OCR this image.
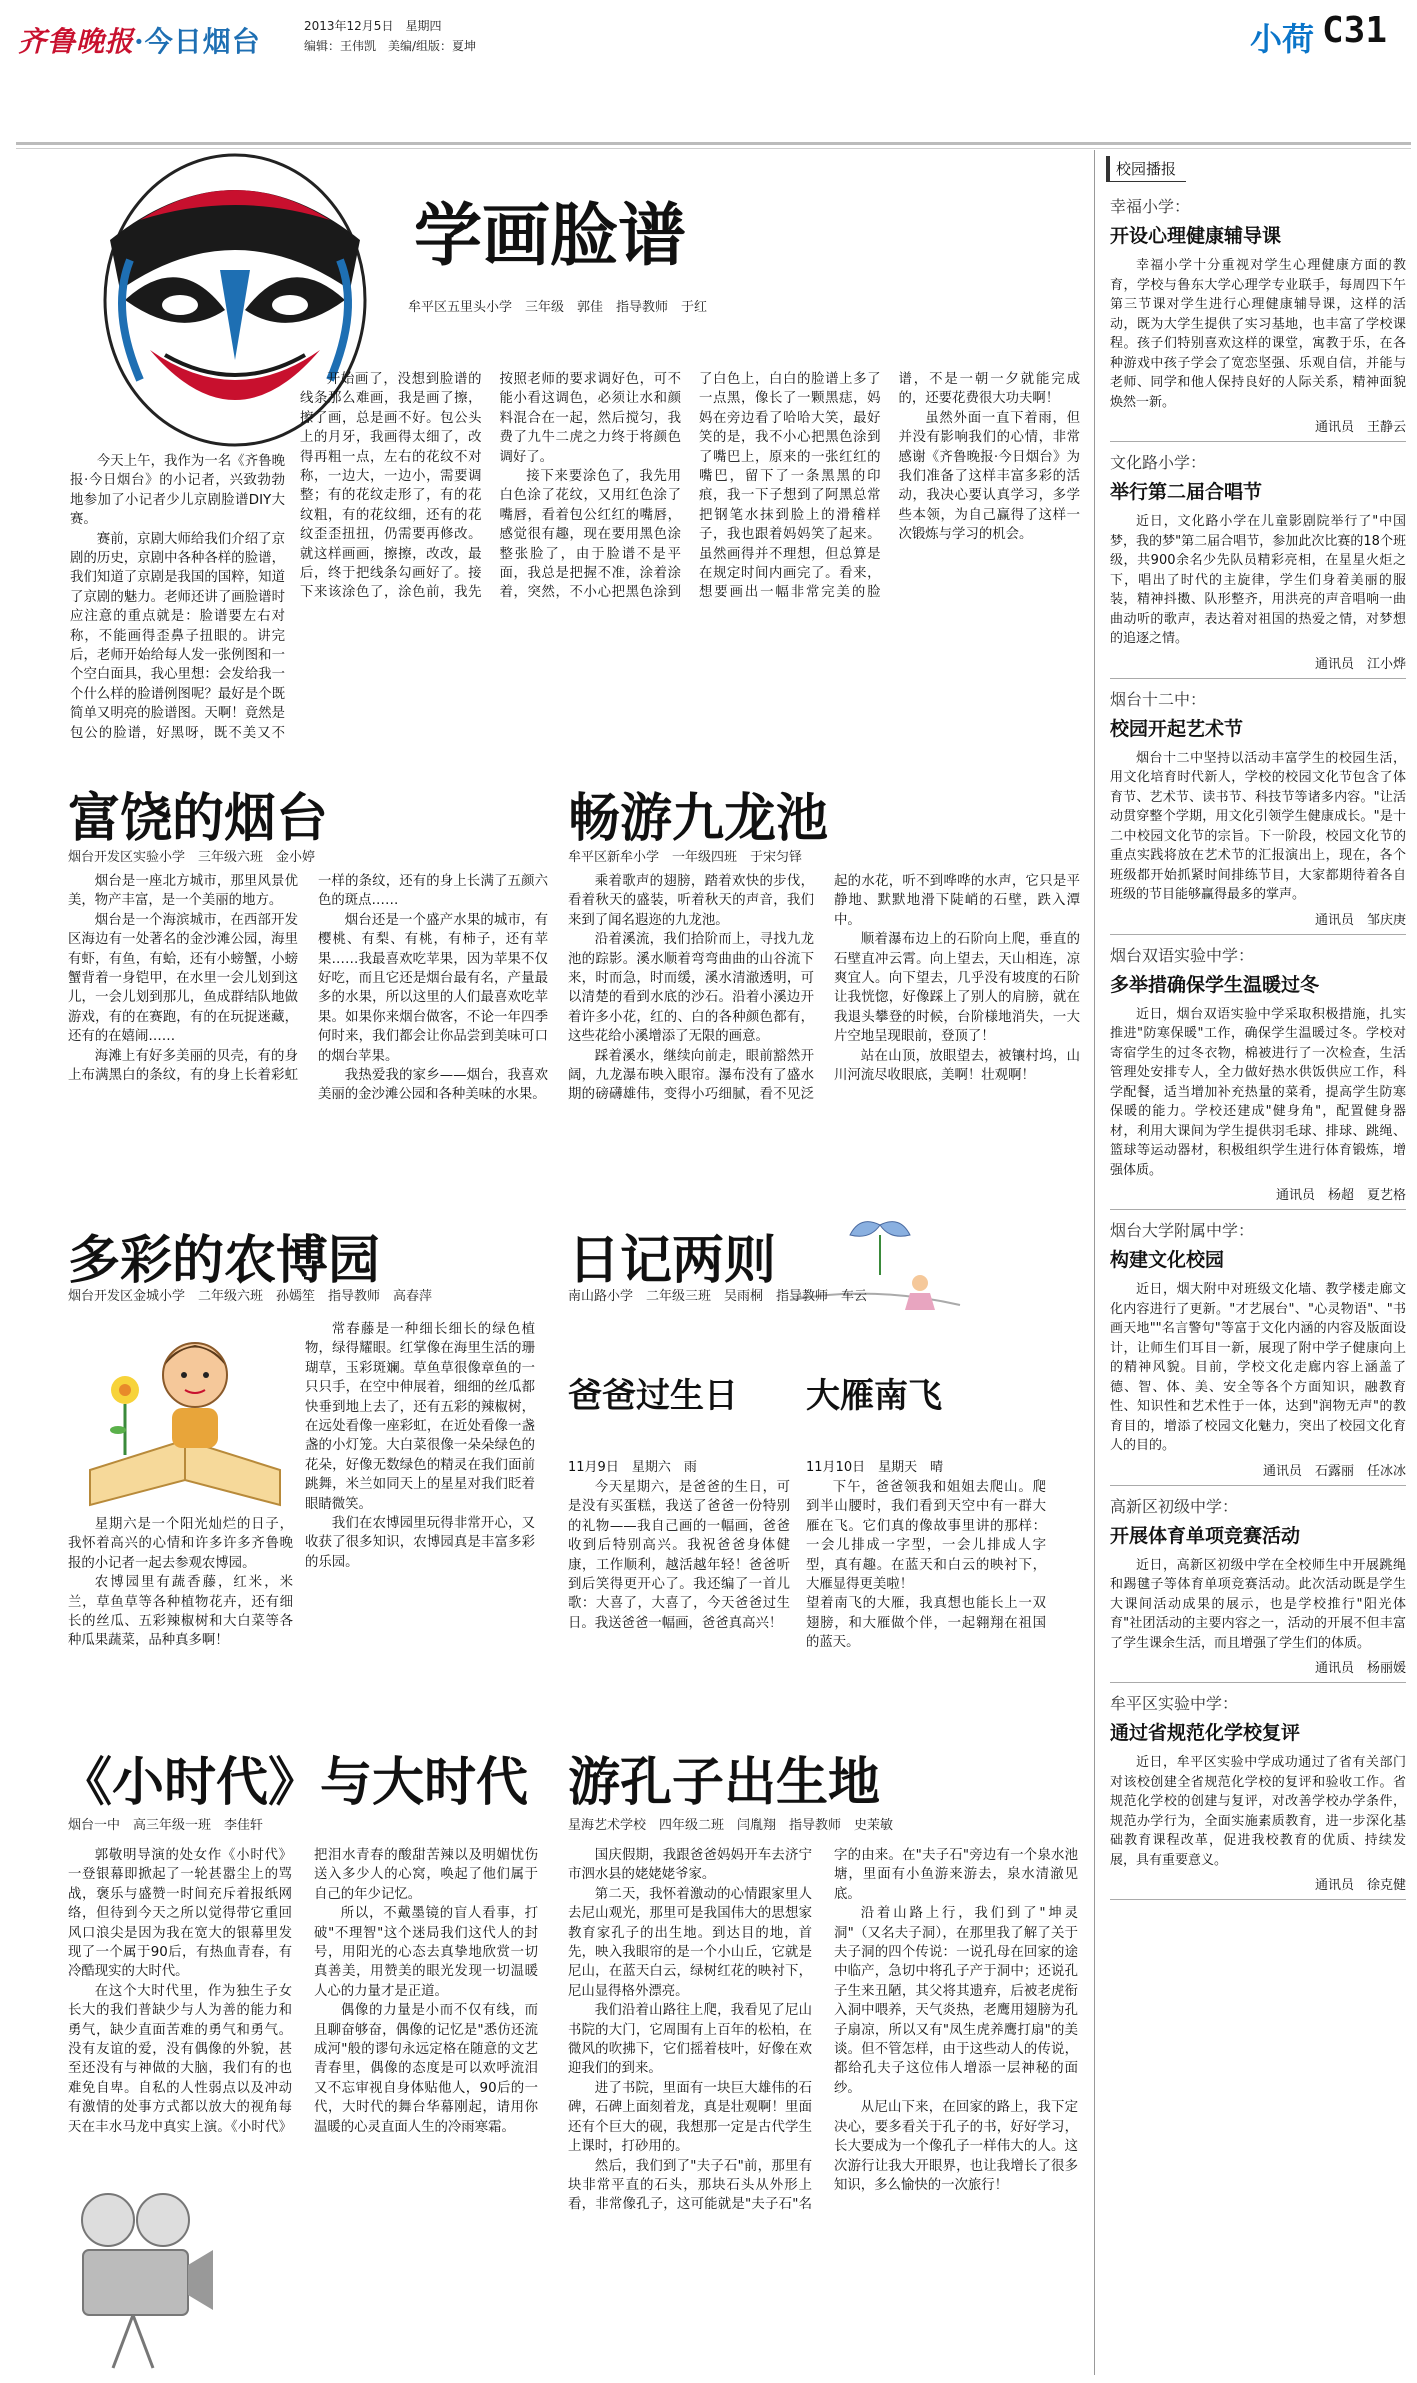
齐鲁晚报·今日烟台	2013年12月5日　星期四
编辑：王伟凯　美编/组版：夏坤	小荷 C31
学画脸谱
牟平区五里头小学　三年级　郭佳　指导教师　于红

今天上午，我作为一名《齐鲁晚报·今日烟台》的小记者，兴致勃勃地参加了小记者少儿京剧脸谱DIY大赛。

赛前，京剧大师给我们介绍了京剧的历史，京剧中各种各样的脸谱，我们知道了京剧是我国的国粹，知道了京剧的魅力。老师还讲了画脸谱时应注意的重点就是：脸谱要左右对称，不能画得歪鼻子扭眼的。讲完后，老师开始给每人发一张例图和一个空白面具，我心里想：会发给我一个什么样的脸谱例图呢？最好是个既简单又明亮的脸谱图。天啊！竟然是包公的脸谱，好黑呀，既不美又不

开始画了，没想到脸谱的线条那么难画，我是画了擦，擦了画，总是画不好。包公头上的月牙，我画得太细了，改得再粗一点，左右的花纹不对称，一边大，一边小，需要调整；有的花纹走形了，有的花纹粗，有的花纹细，还有的花纹歪歪扭扭，仍需要再修改。就这样画画，擦擦，改改，最后，终于把线条勾画好了。接下来该涂色了，涂色前，我先按照老师的要求调好色，可不能小看这调色，必须让水和颜料混合在一起，然后搅匀，我费了九牛二虎之力终于将颜色调好了。

接下来要涂色了，我先用白色涂了花纹，又用红色涂了嘴唇，看着包公红红的嘴唇，感觉很有趣，现在要用黑色涂整张脸了，由于脸谱不是平面，我总是把握不准，涂着涂着，突然，不小心把黑色涂到了白色上，白白的脸谱上多了一点黑，像长了一颗黑痣，妈妈在旁边看了哈哈大笑，最好笑的是，我不小心把黑色涂到了嘴巴上，原来的一张红红的嘴巴，留下了一条黑黑的印痕，我一下子想到了阿黑总常把钢笔水抹到脸上的滑稽样子，我也跟着妈妈笑了起来。虽然画得并不理想，但总算是在规定时间内画完了。看来，想要画出一幅非常完美的脸谱，不是一朝一夕就能完成的，还要花费很大功夫啊！

虽然外面一直下着雨，但并没有影响我们的心情，非常感谢《齐鲁晚报·今日烟台》为我们准备了这样丰富多彩的活动，我决心要认真学习，多学些本领，为自己赢得了这样一次锻炼与学习的机会。

富饶的烟台
烟台开发区实验小学　三年级六班　金小婷

烟台是一座北方城市，那里风景优美，物产丰富，是一个美丽的地方。

烟台是一个海滨城市，在西部开发区海边有一处著名的金沙滩公园，海里有虾，有鱼，有蛤，还有小螃蟹，小螃蟹背着一身铠甲，在水里一会儿划到这儿，一会儿划到那儿，鱼成群结队地做游戏，有的在赛跑，有的在玩捉迷藏，还有的在嬉闹……

海滩上有好多美丽的贝壳，有的身上布满黑白的条纹，有的身上长着彩虹一样的条纹，还有的身上长满了五颜六色的斑点……

烟台还是一个盛产水果的城市，有樱桃、有梨、有桃，有柿子，还有苹果……我最喜欢吃苹果，因为苹果不仅好吃，而且它还是烟台最有名，产量最多的水果，所以这里的人们最喜欢吃苹果。如果你来烟台做客，不论一年四季何时来，我们都会让你品尝到美味可口的烟台苹果。

我热爱我的家乡——烟台，我喜欢美丽的金沙滩公园和各种美味的水果。

畅游九龙池
牟平区新牟小学　一年级四班　于宋匀铎

乘着歌声的翅膀，踏着欢快的步伐，看着秋天的盛装，听着秋天的声音，我们来到了闻名遐迩的九龙池。

沿着溪流，我们拾阶而上，寻找九龙池的踪影。溪水顺着弯弯曲曲的山谷流下来，时而急，时而缓，溪水清澈透明，可以清楚的看到水底的沙石。沿着小溪边开着许多小花，红的、白的各种颜色都有，这些花给小溪增添了无限的画意。

踩着溪水，继续向前走，眼前豁然开阔，九龙瀑布映入眼帘。瀑布没有了盛水期的磅礴雄伟，变得小巧细腻，看不见泛起的水花，听不到哗哗的水声，它只是平静地、默默地滑下陡峭的石壁，跌入潭中。

顺着瀑布边上的石阶向上爬，垂直的石壁直冲云霄。向上望去，天山相连，凉爽宜人。向下望去，几乎没有坡度的石阶让我恍惚，好像踩上了别人的肩膀，就在我退头攀登的时候，台阶様地消失，一大片空地呈现眼前，登顶了！

站在山顶，放眼望去，被镶村坞，山川河流尽收眼底，美啊！壮观啊！

多彩的农博园
烟台开发区金城小学　二年级六班　孙嫣笙　指导教师　高春萍

星期六是一个阳光灿烂的日子，我怀着高兴的心情和许多许多齐鲁晚报的小记者一起去参观农博园。

农博园里有蔬香藤，红米，米兰，草鱼草等各种植物花卉，还有细长的丝瓜、五彩辣椒树和大白菜等各种瓜果蔬菜，品种真多啊！

常春藤是一种细长细长的绿色植物，绿得耀眼。红掌像在海里生活的珊瑚草，玉彩斑斓。草鱼草很像章鱼的一只只手，在空中伸展着，细细的丝瓜都快垂到地上去了，还有五彩的辣椒树，在远处看像一座彩虹，在近处看像一盏盏的小灯笼。大白菜很像一朵朵绿色的花朵，好像无数绿色的精灵在我们面前跳舞，米兰如同天上的星星对我们眨着眼睛微笑。

我们在农博园里玩得非常开心，又收获了很多知识，农博园真是丰富多彩的乐园。

日记两则
南山路小学　二年级三班　吴雨桐　指导教师　车云
爸爸过生日 大雁南飞
11月9日　星期六　雨	11月10日　星期天　晴
今天星期六，是爸爸的生日，可是没有买蛋糕，我送了爸爸一份特别的礼物——我自己画的一幅画，爸爸收到后特别高兴。我祝爸爸身体健康，工作顺利，越活越年轻！爸爸听到后笑得更开心了。我还编了一首儿歌：大喜了，大喜了，今天爸爸过生日。我送爸爸一幅画，爸爸真高兴！
下午，爸爸领我和姐姐去爬山。爬到半山腰时，我们看到天空中有一群大雁在飞。它们真的像故事里讲的那样：一会儿排成一字型，一会儿排成人字型，真有趣。在蓝天和白云的映衬下，大雁显得更美啦！
望着南飞的大雁，我真想也能长上一双翅膀，和大雁做个伴，一起翱翔在祖国的蓝天。
《小时代》与大时代
烟台一中　高三年级一班　李佳轩

郭敬明导演的处女作《小时代》一登银幕即掀起了一轮甚嚣尘上的骂战，褒乐与盛赞一时间充斥着报纸网络，但待到今天之所以觉得带它重回风口浪尖是因为我在宽大的银幕里发现了一个属于90后，有热血青春，有冷酷现实的大时代。

在这个大时代里，作为独生子女长大的我们普缺少与人为善的能力和勇气，缺少直面苦难的勇气和勇气。没有友谊的爱，没有偶像的外貌，甚至还没有与神做的大脑，我们有的也难免自卑。自私的人性弱点以及冲动有激情的处事方式都以放大的视角每天在丰水马龙中真实上演。《小时代》把泪水青春的酸甜苦辣以及明媚忧伤送入多少人的心窝，唤起了他们属于自己的年少记忆。

所以，不戴墨镜的盲人看事，打破"不理智"这个迷局我们这代人的封号，用阳光的心态去真挚地欣赏一切真善美，用赞美的眼光发现一切温暖人心的力量才是正道。

偶像的力量是小而不仅有线，而且聊奋够奋，偶像的记忆是"悉仿还流成河"般的谬句永远定格在随意的文艺青春里，偶像的态度是可以欢呼流泪又不忘审视自身体贴他人，90后的一代，大时代的舞台华幕刚起，请用你温暖的心灵直面人生的冷雨寒霜。

游孔子出生地
星海艺术学校　四年级二班　闫胤翔　指导教师　史茉敏

国庆假期，我跟爸爸妈妈开车去济宁市泗水县的姥姥姥爷家。

第二天，我怀着激动的心情跟家里人去尼山观光，那里可是我国伟大的思想家教育家孔子的出生地。到达目的地，首先，映入我眼帘的是一个小山丘，它就是尼山，在蓝天白云，绿树红花的映衬下，尼山显得格外漂亮。

我们沿着山路往上爬，我看见了尼山书院的大门，它周围有上百年的松柏，在微风的吹拂下，它们摇着枝叶，好像在欢迎我们的到来。

进了书院，里面有一块巨大雄伟的石碑，石碑上面刻着龙，真是壮观啊！里面还有个巨大的砚，我想那一定是古代学生上课时，打砂用的。

然后，我们到了"夫子石"前，那里有块非常平直的石头，那块石头从外形上看，非常像孔子，这可能就是"夫子石"名字的由来。在"夫子石"旁边有一个泉水池塘，里面有小鱼游来游去，泉水清澈见底。

沿着山路上行，我们到了"坤灵洞"（又名夫子洞），在那里我了解了关于夫子洞的四个传说：一说孔母在回家的途中临产，急切中将孔子产于洞中；还说孔子生来丑陋，其父将其遗弃，后被老虎衔入洞中喂养，天气炎热，老鹰用翅膀为孔子扇凉，所以又有"凤生虎养鹰打扇"的美谈。但不管怎样，由于这些动人的传说，都给孔夫子这位伟人增添一层神秘的面纱。

从尼山下来，在回家的路上，我下定决心，要多看关于孔子的书，好好学习，长大要成为一个像孔子一样伟大的人。这次游行让我大开眼界，也让我增长了很多知识，多么愉快的一次旅行！

校园播报
幸福小学：
开设心理健康辅导课
幸福小学十分重视对学生心理健康方面的教育，学校与鲁东大学心理学专业联手，每周四下午第三节课对学生进行心理健康辅导课，这样的活动，既为大学生提供了实习基地，也丰富了学校课程。孩子们特别喜欢这样的课堂，寓教于乐，在各种游戏中孩子学会了宽恋坚强、乐观自信，并能与老师、同学和他人保持良好的人际关系，精神面貌焕然一新。
通讯员　王静云
文化路小学：
举行第二届合唱节
近日，文化路小学在儿童影剧院举行了"中国梦，我的梦"第二届合唱节，参加此次比赛的18个班级，共900余名少先队员精彩亮相，在星星火炬之下，唱出了时代的主旋律，学生们身着美丽的服装，精神抖擞、队形整齐，用洪亮的声音唱响一曲曲动听的歌声，表达着对祖国的热爱之情，对梦想的追逐之情。
通讯员　江小烨
烟台十二中：
校园开起艺术节
烟台十二中坚持以活动丰富学生的校园生活，用文化培育时代新人，学校的校园文化节包含了体育节、艺术节、读书节、科技节等诸多内容。"让活动贯穿整个学期，用文化引领学生健康成长。"是十二中校园文化节的宗旨。下一阶段，校园文化节的重点实践将放在艺术节的汇报演出上，现在，各个班级都开始抓紧时间排练节目，大家都期待着各自班级的节目能够赢得最多的掌声。
通讯员　邹庆庚
烟台双语实验中学：
多举措确保学生温暖过冬
近日，烟台双语实验中学采取积极措施，扎实推进"防寒保暖"工作，确保学生温暖过冬。学校对寄宿学生的过冬衣物，棉被进行了一次检查，生活管理处安排专人，全力做好热水供饭供应工作，科学配餐，适当增加补充热量的菜肴，提高学生防寒保暖的能力。学校还建成"健身角"，配置健身器材，利用大课间为学生提供羽毛球、排球、跳绳、篮球等运动器材，积极组织学生进行体育锻炼，增强体质。
通讯员　杨超　夏艺格
烟台大学附属中学：
构建文化校园
近日，烟大附中对班级文化墙、教学楼走廊文化内容进行了更新。"才艺展台"、"心灵物语"、"书画天地""名言警句"等富于文化内涵的内容及版面设计，让师生们耳目一新，展现了附中学子健康向上的精神风貌。目前，学校文化走廊内容上涵盖了德、智、体、美、安全等各个方面知识，融教育性、知识性和艺术性于一体，达到"润物无声"的教育目的，增添了校园文化魅力，突出了校园文化育人的目的。
通讯员　石露丽　任冰冰
高新区初级中学：
开展体育单项竞赛活动
近日，高新区初级中学在全校师生中开展跳绳和踢毽子等体育单项竞赛活动。此次活动既是学生大课间活动成果的展示，也是学校推行"阳光体育"社团活动的主要内容之一，活动的开展不但丰富了学生课余生活，而且增强了学生们的体质。
通讯员　杨丽媛
牟平区实验中学：
通过省规范化学校复评
近日，牟平区实验中学成功通过了省有关部门对该校创建全省规范化学校的复评和验收工作。省规范化学校的创建与复评，对改善学校办学条件，规范办学行为，全面实施素质教育，进一步深化基础教育课程改革，促进我校教育的优质、持续发展，具有重要意义。
通讯员　徐克健
